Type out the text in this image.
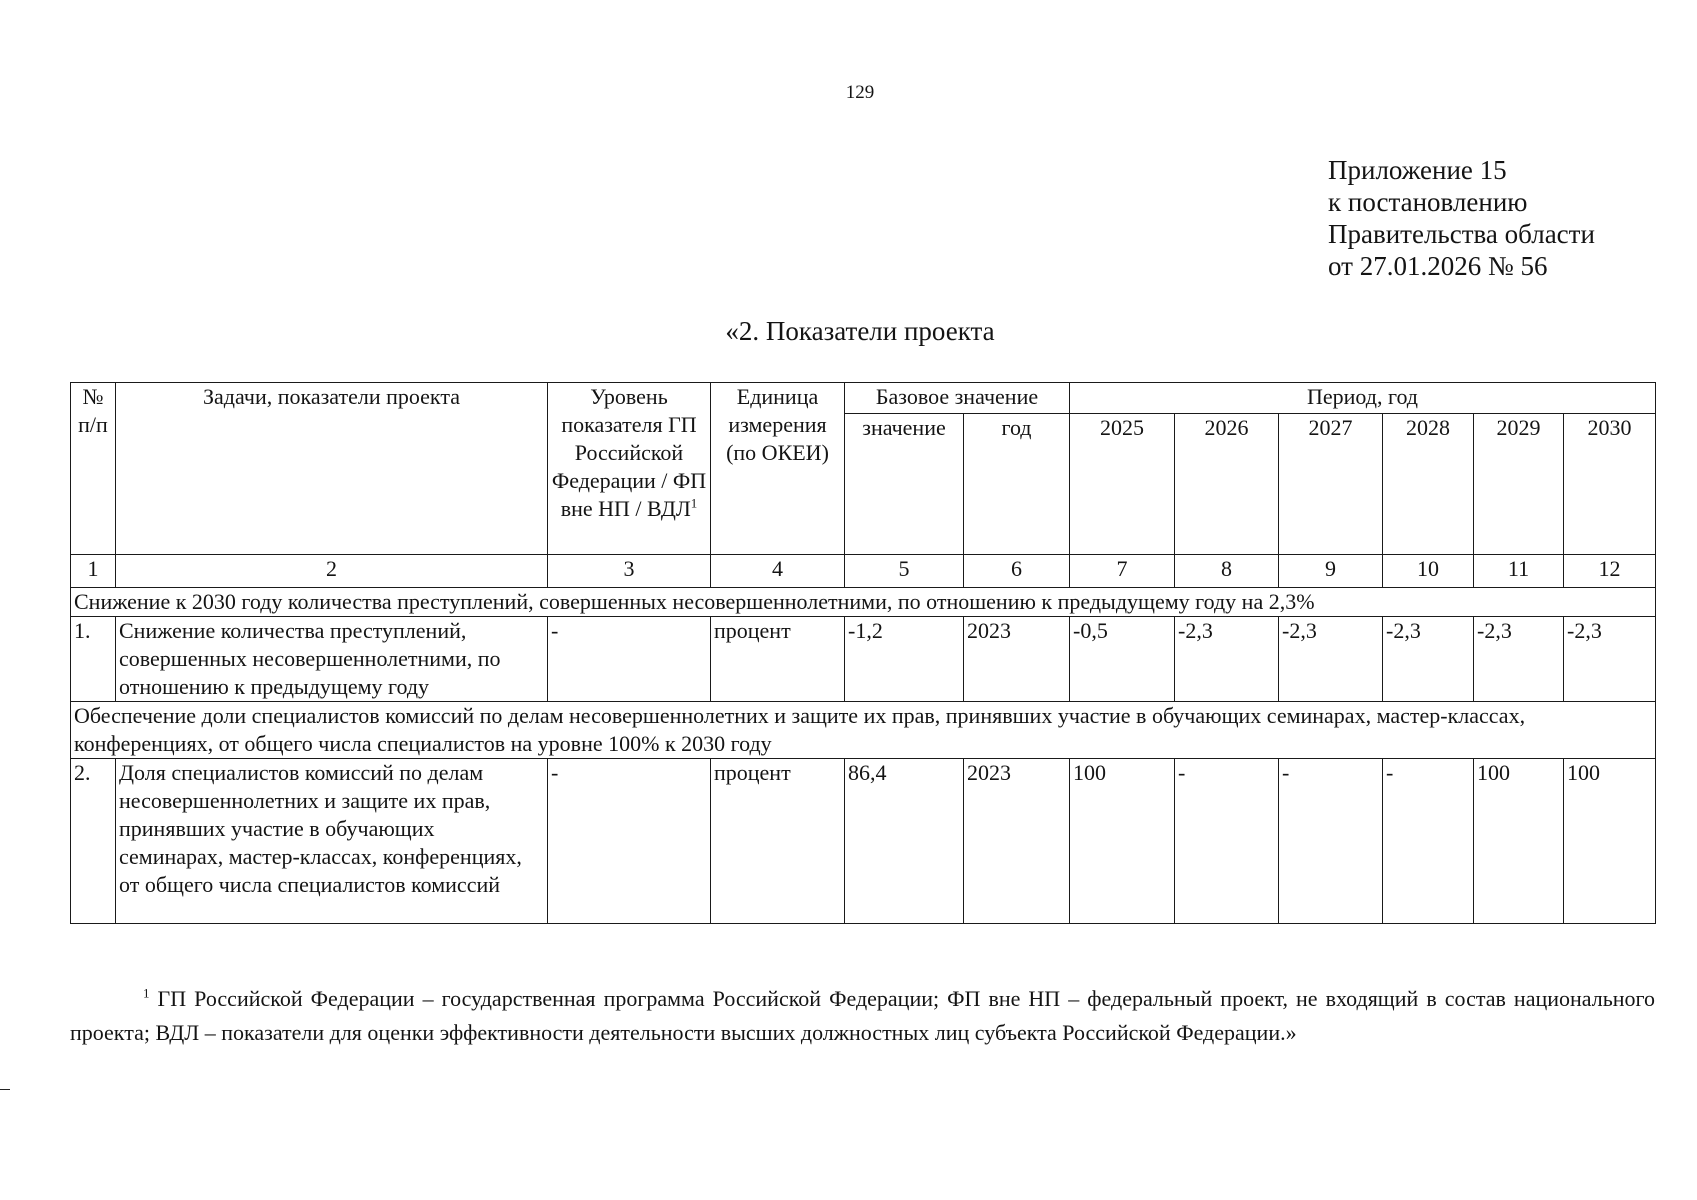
129
Приложение 15
к постановлению
Правительства области
от 27.01.2026 № 56
«2. Показатели проекта
№ п/п	Задачи, показатели проекта	Уровень показателя ГП Российской Федерации / ФП вне НП / ВДЛ$^1$	Единица измерения (по ОКЕИ)	Базовое значение		Период, год					
				значение	год	2025	2026	2027	2028	2029	2030
1	2	3	4	5	6	7	8	9	10	11	12
Снижение к 2030 году количества преступлений, совершенных несовершеннолетними, по отношению к предыдущему году на 2,3%											
1.	Снижение количества преступлений, совершенных несовершеннолетними, по отношению к предыдущему году	-	процент	-1,2	2023	-0,5	-2,3	-2,3	-2,3	-2,3	-2,3
Обеспечение доли специалистов комиссий по делам несовершеннолетних и защите их прав, принявших участие в обучающих семинарах, мастер-классах, конференциях, от общего числа специалистов на уровне 100% к 2030 году											
2.	Доля специалистов комиссий по делам несовершеннолетних и защите их прав, принявших участие в обучающих семинарах, мастер-классах, конференциях, от общего числа специалистов комиссий	-	процент	86,4	2023	100	-	-	-	100	100
$^1$ ГП Российской Федерации – государственная программа Российской Федерации; ФП вне НП – федеральный проект, не входящий в состав национального проекта; ВДЛ – показатели для оценки эффективности деятельности высших должностных лиц субъекта Российской Федерации.»
